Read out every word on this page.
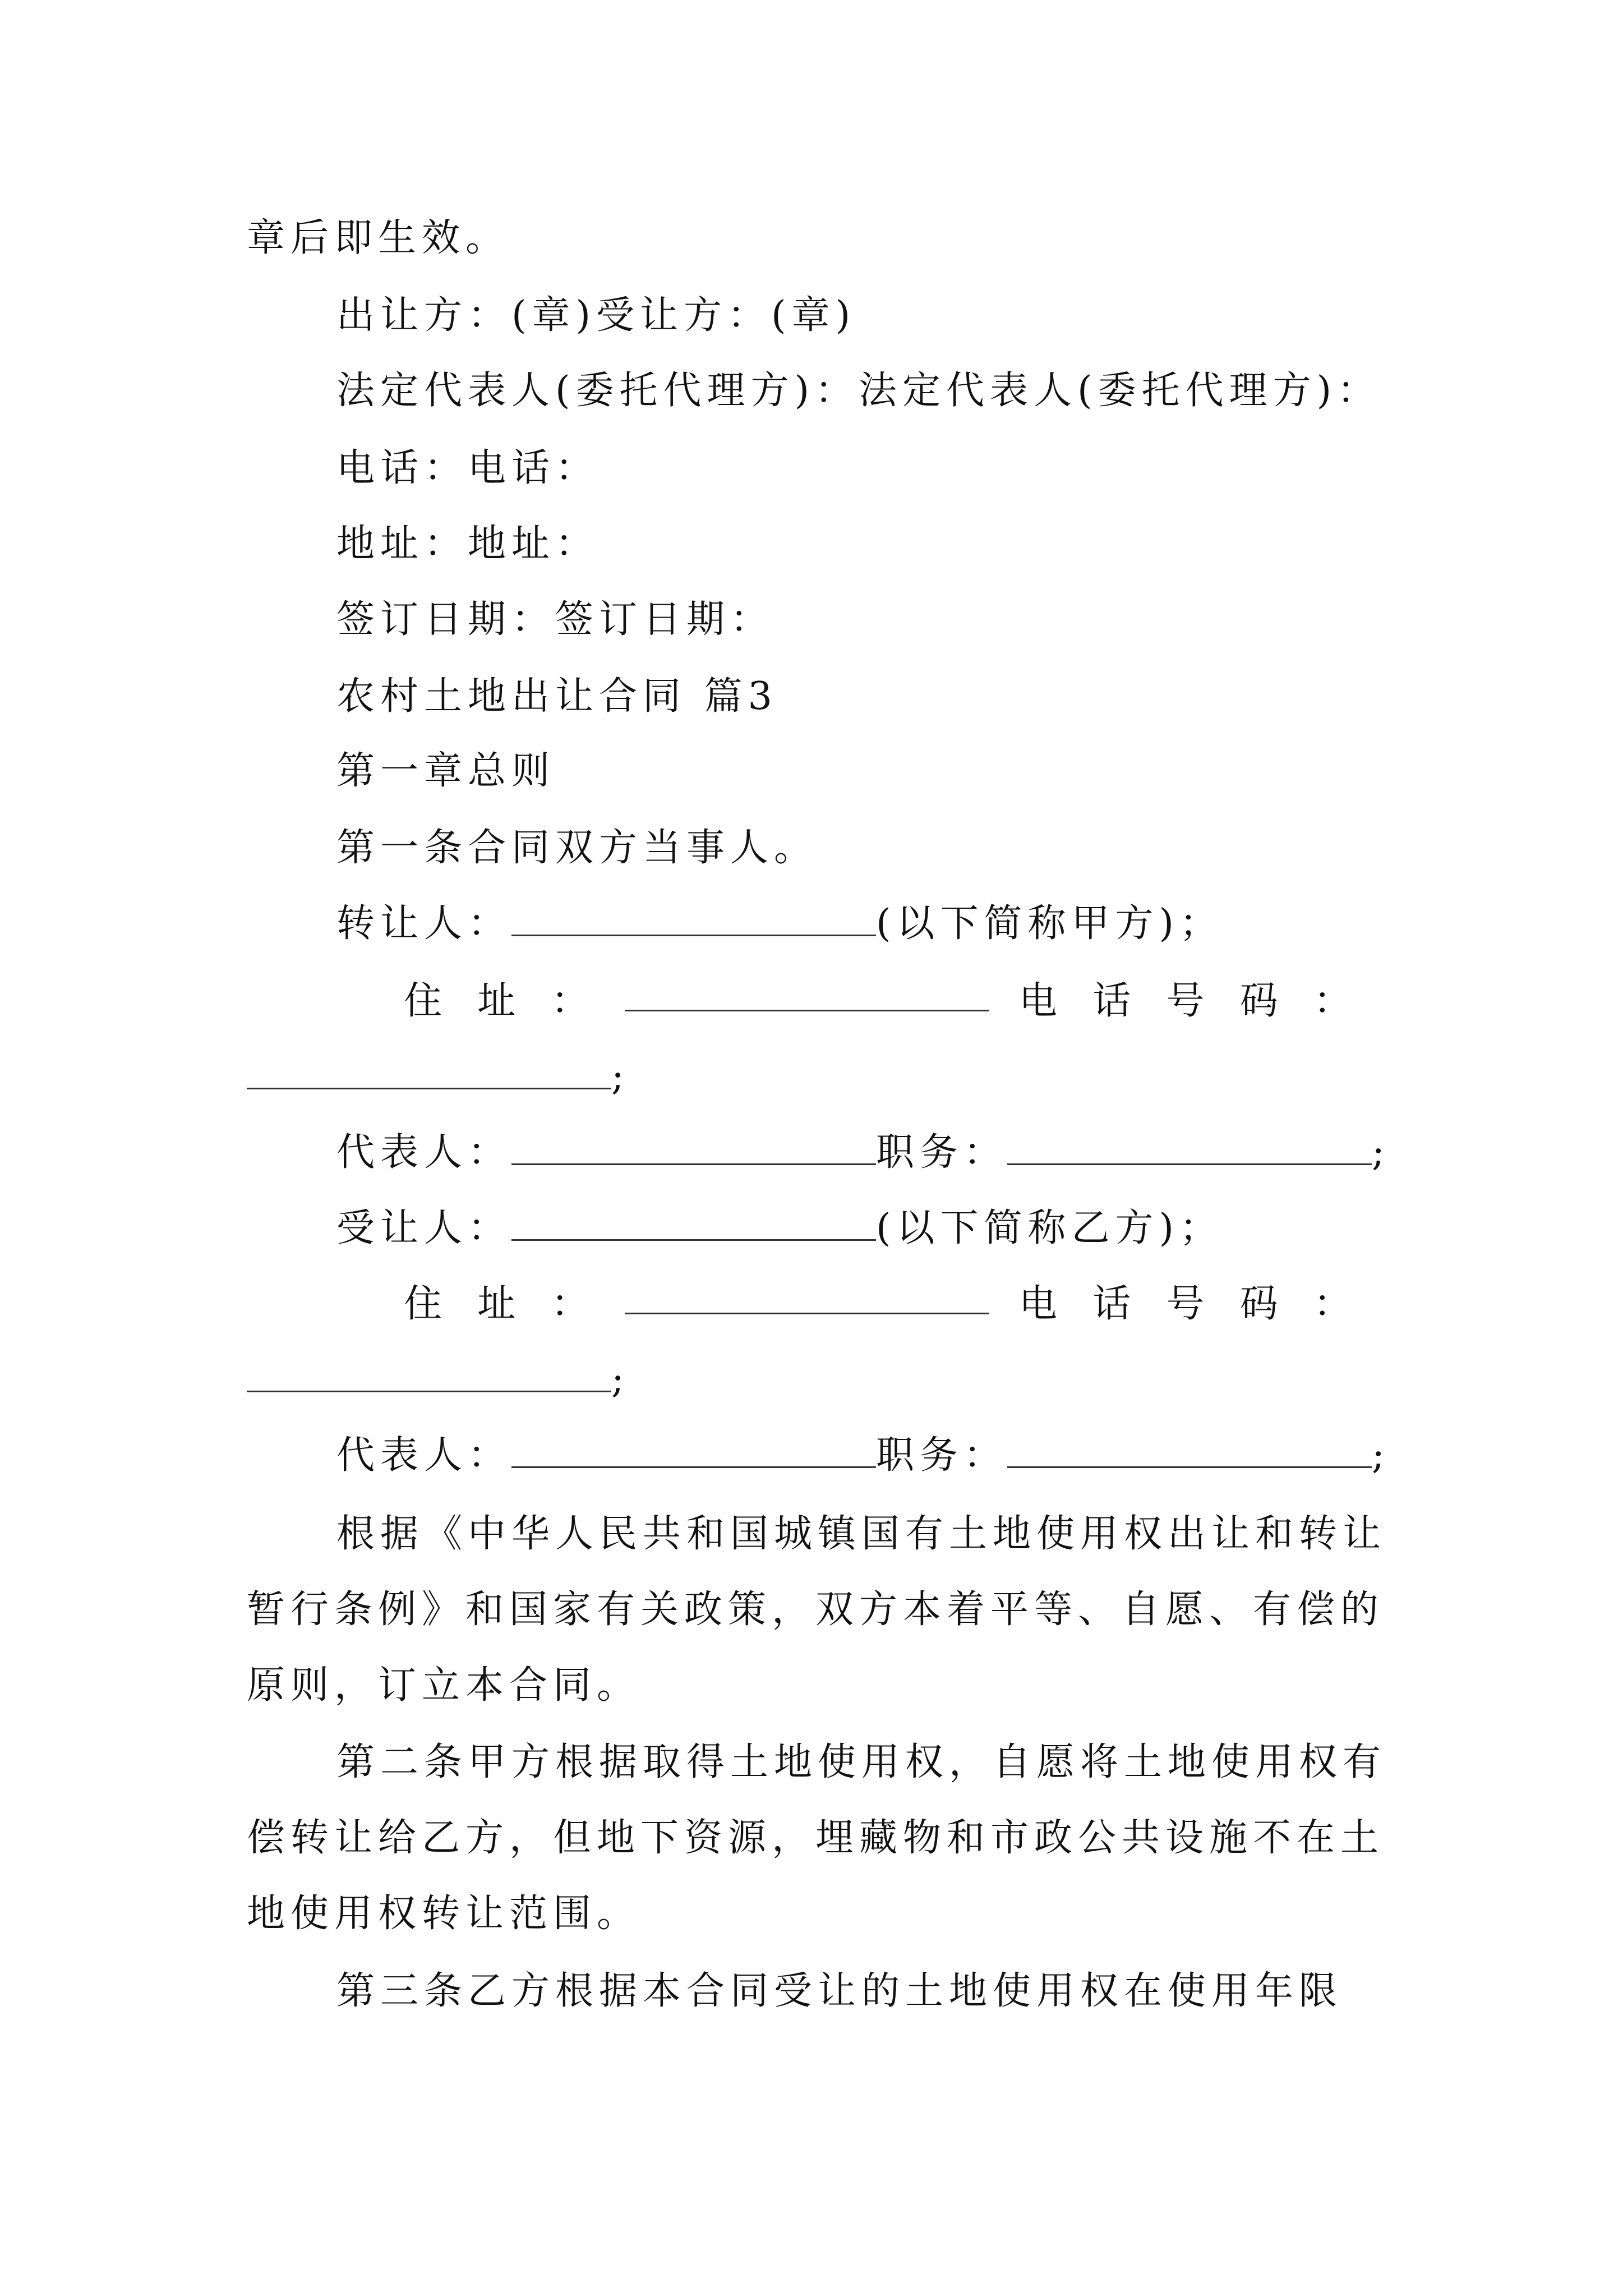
章后即生效。
出让方：(章)受让方：(章)
法定代表人(委托代理方)：法定代表人(委托代理方)：
电话：电话：
地址：地址：
签订日期：签订日期：
农村土地出让合同 篇3
第一章总则
第一条合同双方当事人。
转让人：	(以下简称甲方)；
住 址 ：	电 话 号 码 ：
;
代表人：	职务：	;
受让人：	(以下简称乙方)；
住 址 ：	电 话 号 码 ：
;
代表人：	职务：	;
根据《中华人民共和国城镇国有土地使用权出让和转让
暂行条例》和国家有关政策，双方本着平等、自愿、有偿的
原则，订立本合同。
第二条甲方根据取得土地使用权，自愿将土地使用权有
偿转让给乙方，但地下资源，埋藏物和市政公共设施不在土
地使用权转让范围。
第三条乙方根据本合同受让的土地使用权在使用年限
